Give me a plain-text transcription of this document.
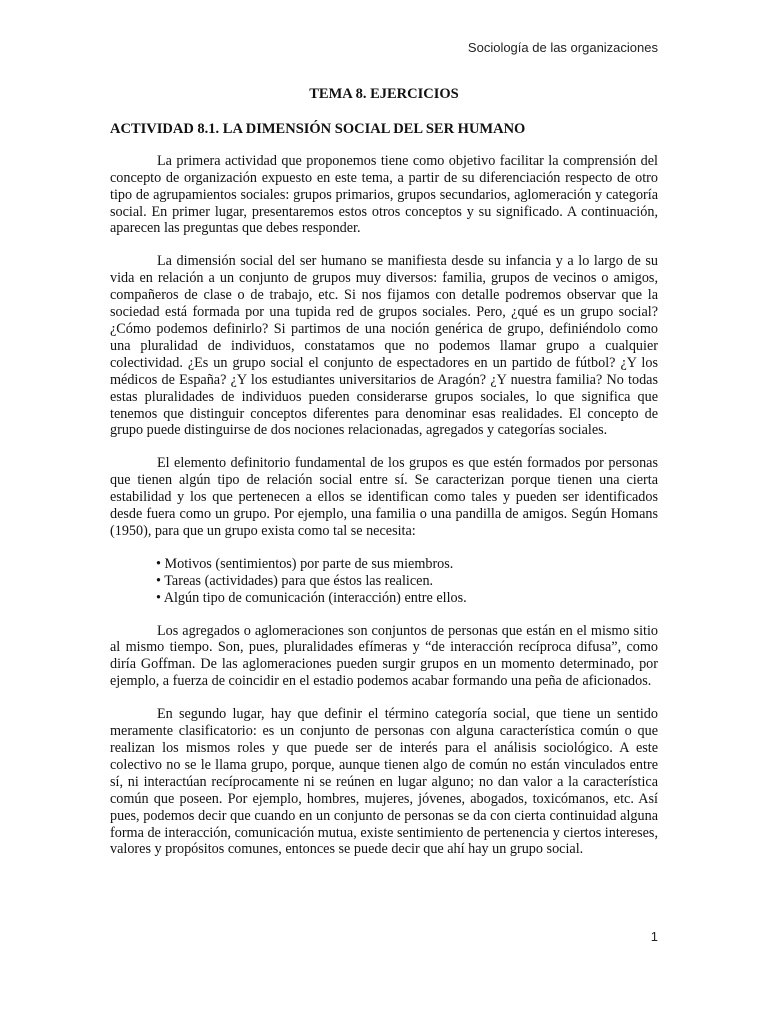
Sociología de las organizaciones
TEMA 8. EJERCICIOS
ACTIVIDAD 8.1. LA DIMENSIÓN SOCIAL DEL SER HUMANO

La primera actividad que proponemos tiene como objetivo facilitar la comprensión del concepto de organización expuesto en este tema, a partir de su diferenciación respecto de otro tipo de agrupamientos sociales: grupos primarios, grupos secundarios, aglomeración y categoría social. En primer lugar, presentaremos estos otros conceptos y su significado. A continuación, aparecen las preguntas que debes responder.

La dimensión social del ser humano se manifiesta desde su infancia y a lo largo de su vida en relación a un conjunto de grupos muy diversos: familia, grupos de vecinos o amigos, compañeros de clase o de trabajo, etc. Si nos fijamos con detalle podremos observar que la sociedad está formada por una tupida red de grupos sociales. Pero, ¿qué es un grupo social? ¿Cómo podemos definirlo? Si partimos de una noción genérica de grupo, definiéndolo como una pluralidad de individuos, constatamos que no podemos llamar grupo a cualquier colectividad. ¿Es un grupo social el conjunto de espectadores en un partido de fútbol? ¿Y los médicos de España? ¿Y los estudiantes universitarios de Aragón? ¿Y nuestra familia? No todas estas pluralidades de individuos pueden considerarse grupos sociales, lo que significa que tenemos que distinguir conceptos diferentes para denominar esas realidades. El concepto de grupo puede distinguirse de dos nociones relacionadas, agregados y categorías sociales.

El elemento definitorio fundamental de los grupos es que estén formados por personas que tienen algún tipo de relación social entre sí. Se caracterizan porque tienen una cierta estabilidad y los que pertenecen a ellos se identifican como tales y pueden ser identificados desde fuera como un grupo. Por ejemplo, una familia o una pandilla de amigos. Según Homans (1950), para que un grupo exista como tal se necesita:

• Motivos (sentimientos) por parte de sus miembros.
• Tareas (actividades) para que éstos las realicen.
• Algún tipo de comunicación (interacción) entre ellos.

Los agregados o aglomeraciones son conjuntos de personas que están en el mismo sitio al mismo tiempo. Son, pues, pluralidades efímeras y “de interacción recíproca difusa”, como diría Goffman. De las aglomeraciones pueden surgir grupos en un momento determinado, por ejemplo, a fuerza de coincidir en el estadio podemos acabar formando una peña de aficionados.

En segundo lugar, hay que definir el término categoría social, que tiene un sentido meramente clasificatorio: es un conjunto de personas con alguna característica común o que realizan los mismos roles y que puede ser de interés para el análisis sociológico. A este colectivo no se le llama grupo, porque, aunque tienen algo de común no están vinculados entre sí, ni interactúan recíprocamente ni se reúnen en lugar alguno; no dan valor a la característica común que poseen. Por ejemplo, hombres, mujeres, jóvenes, abogados, toxicómanos, etc. Así pues, podemos decir que cuando en un conjunto de personas se da con cierta continuidad alguna forma de interacción, comunicación mutua, existe sentimiento de pertenencia y ciertos intereses, valores y propósitos comunes, entonces se puede decir que ahí hay un grupo social.

1
